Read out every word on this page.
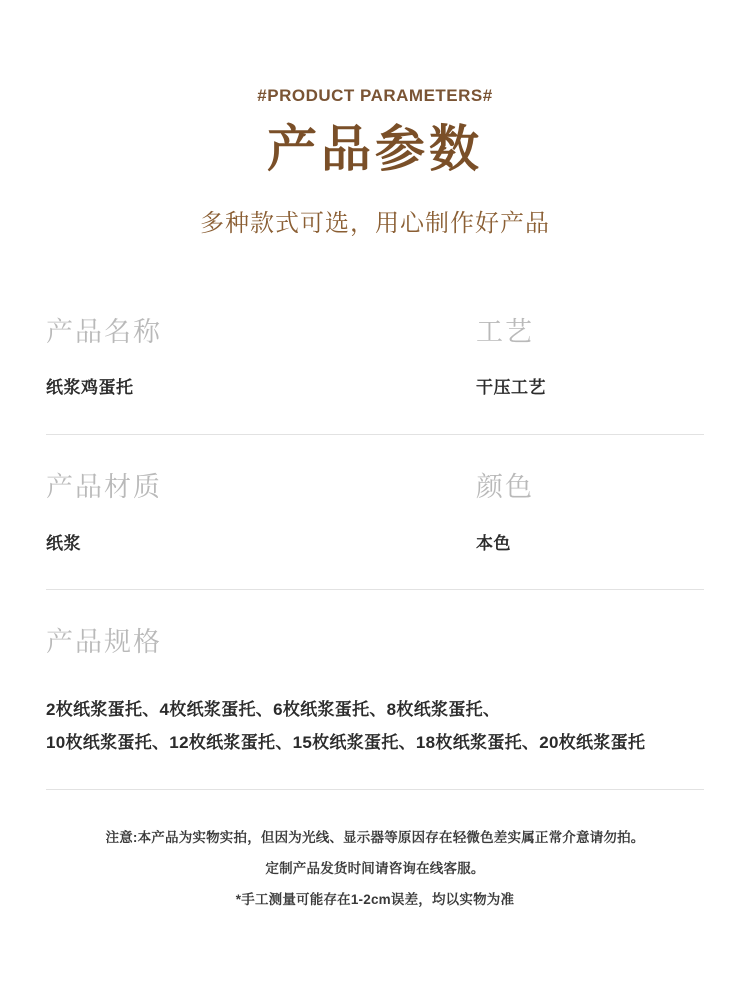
#PRODUCT PARAMETERS#
产品参数
多种款式可选，用心制作好产品
产品名称
纸浆鸡蛋托
工艺
干压工艺
产品材质
纸浆
颜色
本色
产品规格
2枚纸浆蛋托、4枚纸浆蛋托、6枚纸浆蛋托、8枚纸浆蛋托、
10枚纸浆蛋托、12枚纸浆蛋托、15枚纸浆蛋托、18枚纸浆蛋托、20枚纸浆蛋托
注意:本产品为实物实拍，但因为光线、显示器等原因存在轻微色差实属正常介意请勿拍。
定制产品发货时间请咨询在线客服。
*手工测量可能存在1-2cm误差，均以实物为准
